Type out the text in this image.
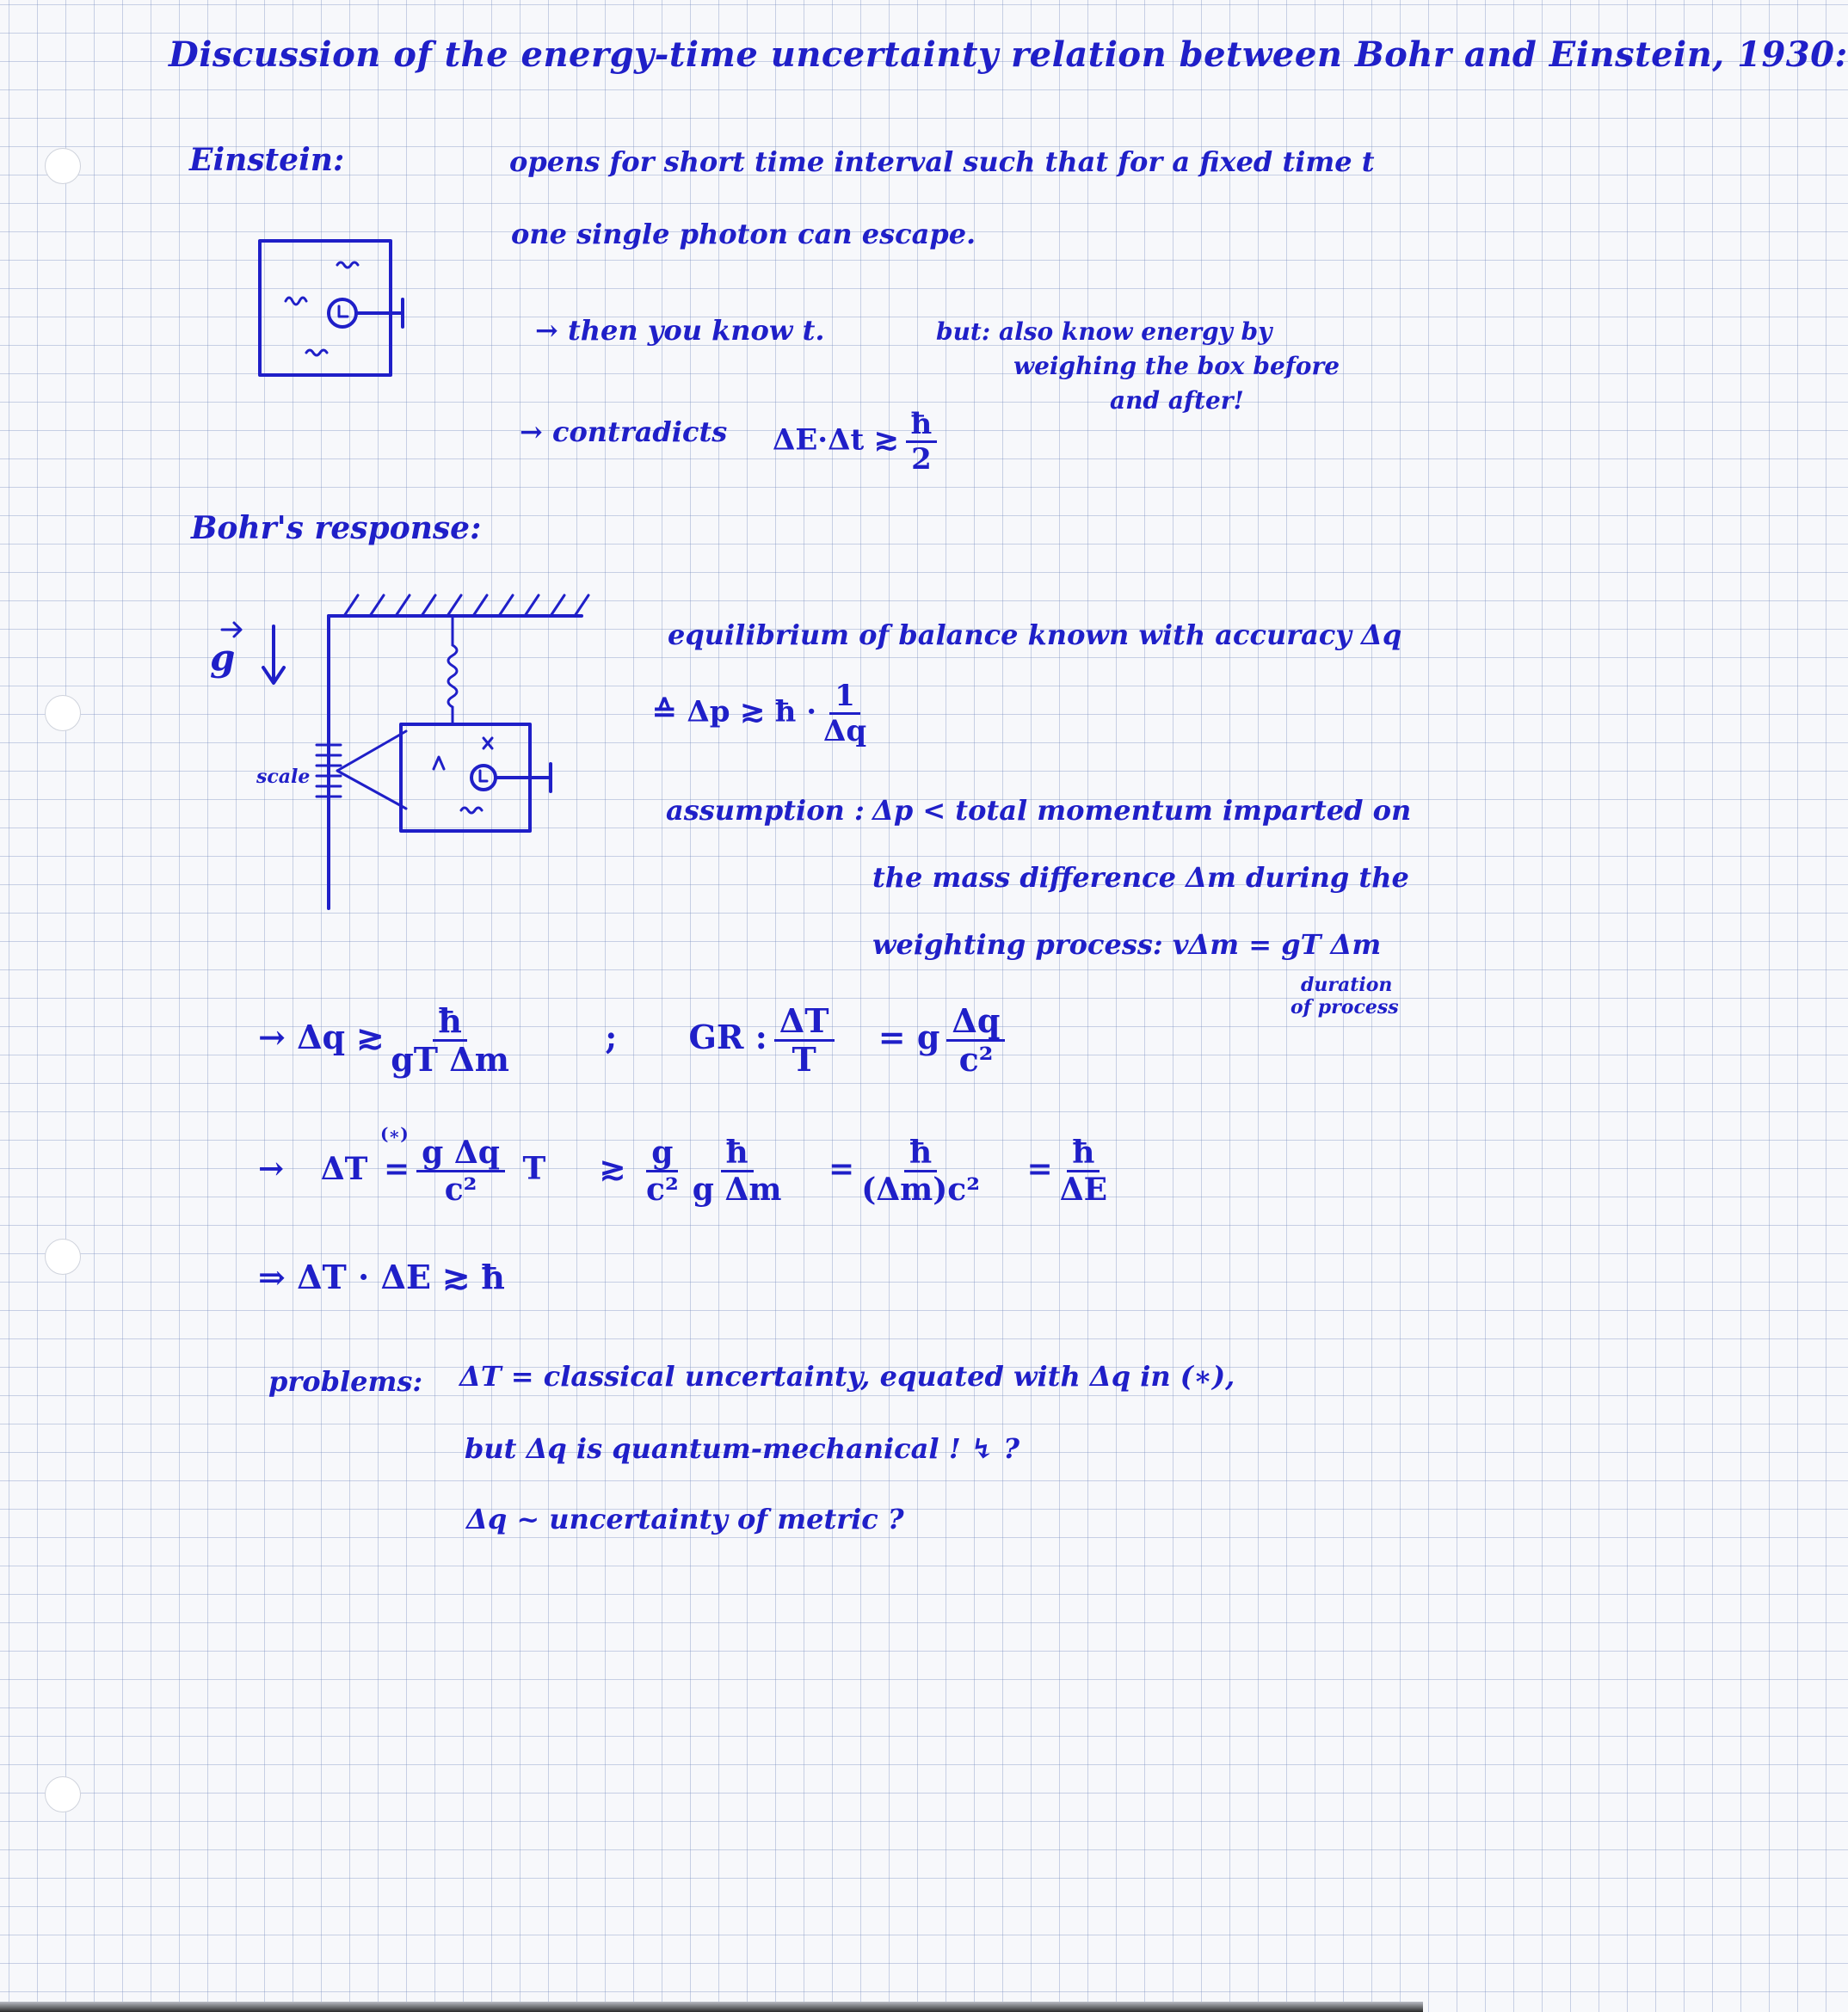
Discussion of the energy-time uncertainty relation between Bohr and Einstein, 1930:
Einstein:	opens for short time interval such that for a fixed time t
one single photon can escape.
→ then you know t.	but: also know energy by
weighing the box before
and after!
→ contradicts ΔE·Δt ≳ $\frac{ħ}{2}$
Bohr's response:
g
scale
equilibrium of balance known with accuracy Δq
≙ Δp ≳ ħ · $\frac{1}{\Delta q}$
assumption : Δp < total momentum imparted on
the mass difference Δm during the
weighting process: vΔm = gT Δm
duration
of process
→ Δq ≳ $\frac{ħ}{\text{gT Δm}}$	; GR : $\frac{\Delta T}{T} = g \frac{\Delta q}{\text{c²}}$
→ ΔT
(∗)
= $\frac{\text{g Δq}}{\text{c²}}$ T ≳ $\frac{g}{\text{c²}} \frac{ħ}{\text{g Δm}} = \frac{ħ}{\text{(Δm)c²}} = \frac{ħ}{\Delta E}$
⇒ ΔT · ΔE ≳ ħ
problems: ΔT = classical uncertainty, equated with Δq in (∗),
but Δq is quantum-mechanical ! ↯ ?
Δq ~ uncertainty of metric ?
